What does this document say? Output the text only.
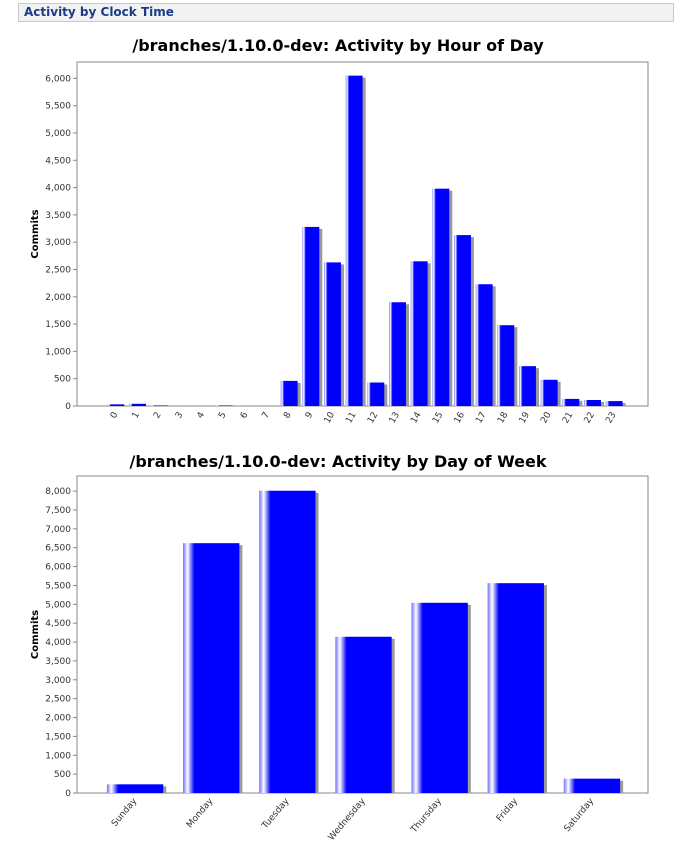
Activity by Clock Time
/branches/1.10.0-dev: Activity by Hour of Day
0
500
1,000
1,500
2,000
2,500
3,000
3,500
4,000
4,500
5,000
5,500
6,000
Commits
0 1 2 3 4 5 6 7 8 9 10 11 12 13 14 15 16 17 18 19 20 21 22 23
/branches/1.10.0-dev: Activity by Day of Week
0
500
1,000
1,500
2,000
2,500
3,000
3,500
4,000
4,500
5,000
5,500
6,000
6,500
7,000
7,500
8,000
Commits
Sunday	Monday	Tuesday	Wednesday	Thursday	Friday	Saturday
